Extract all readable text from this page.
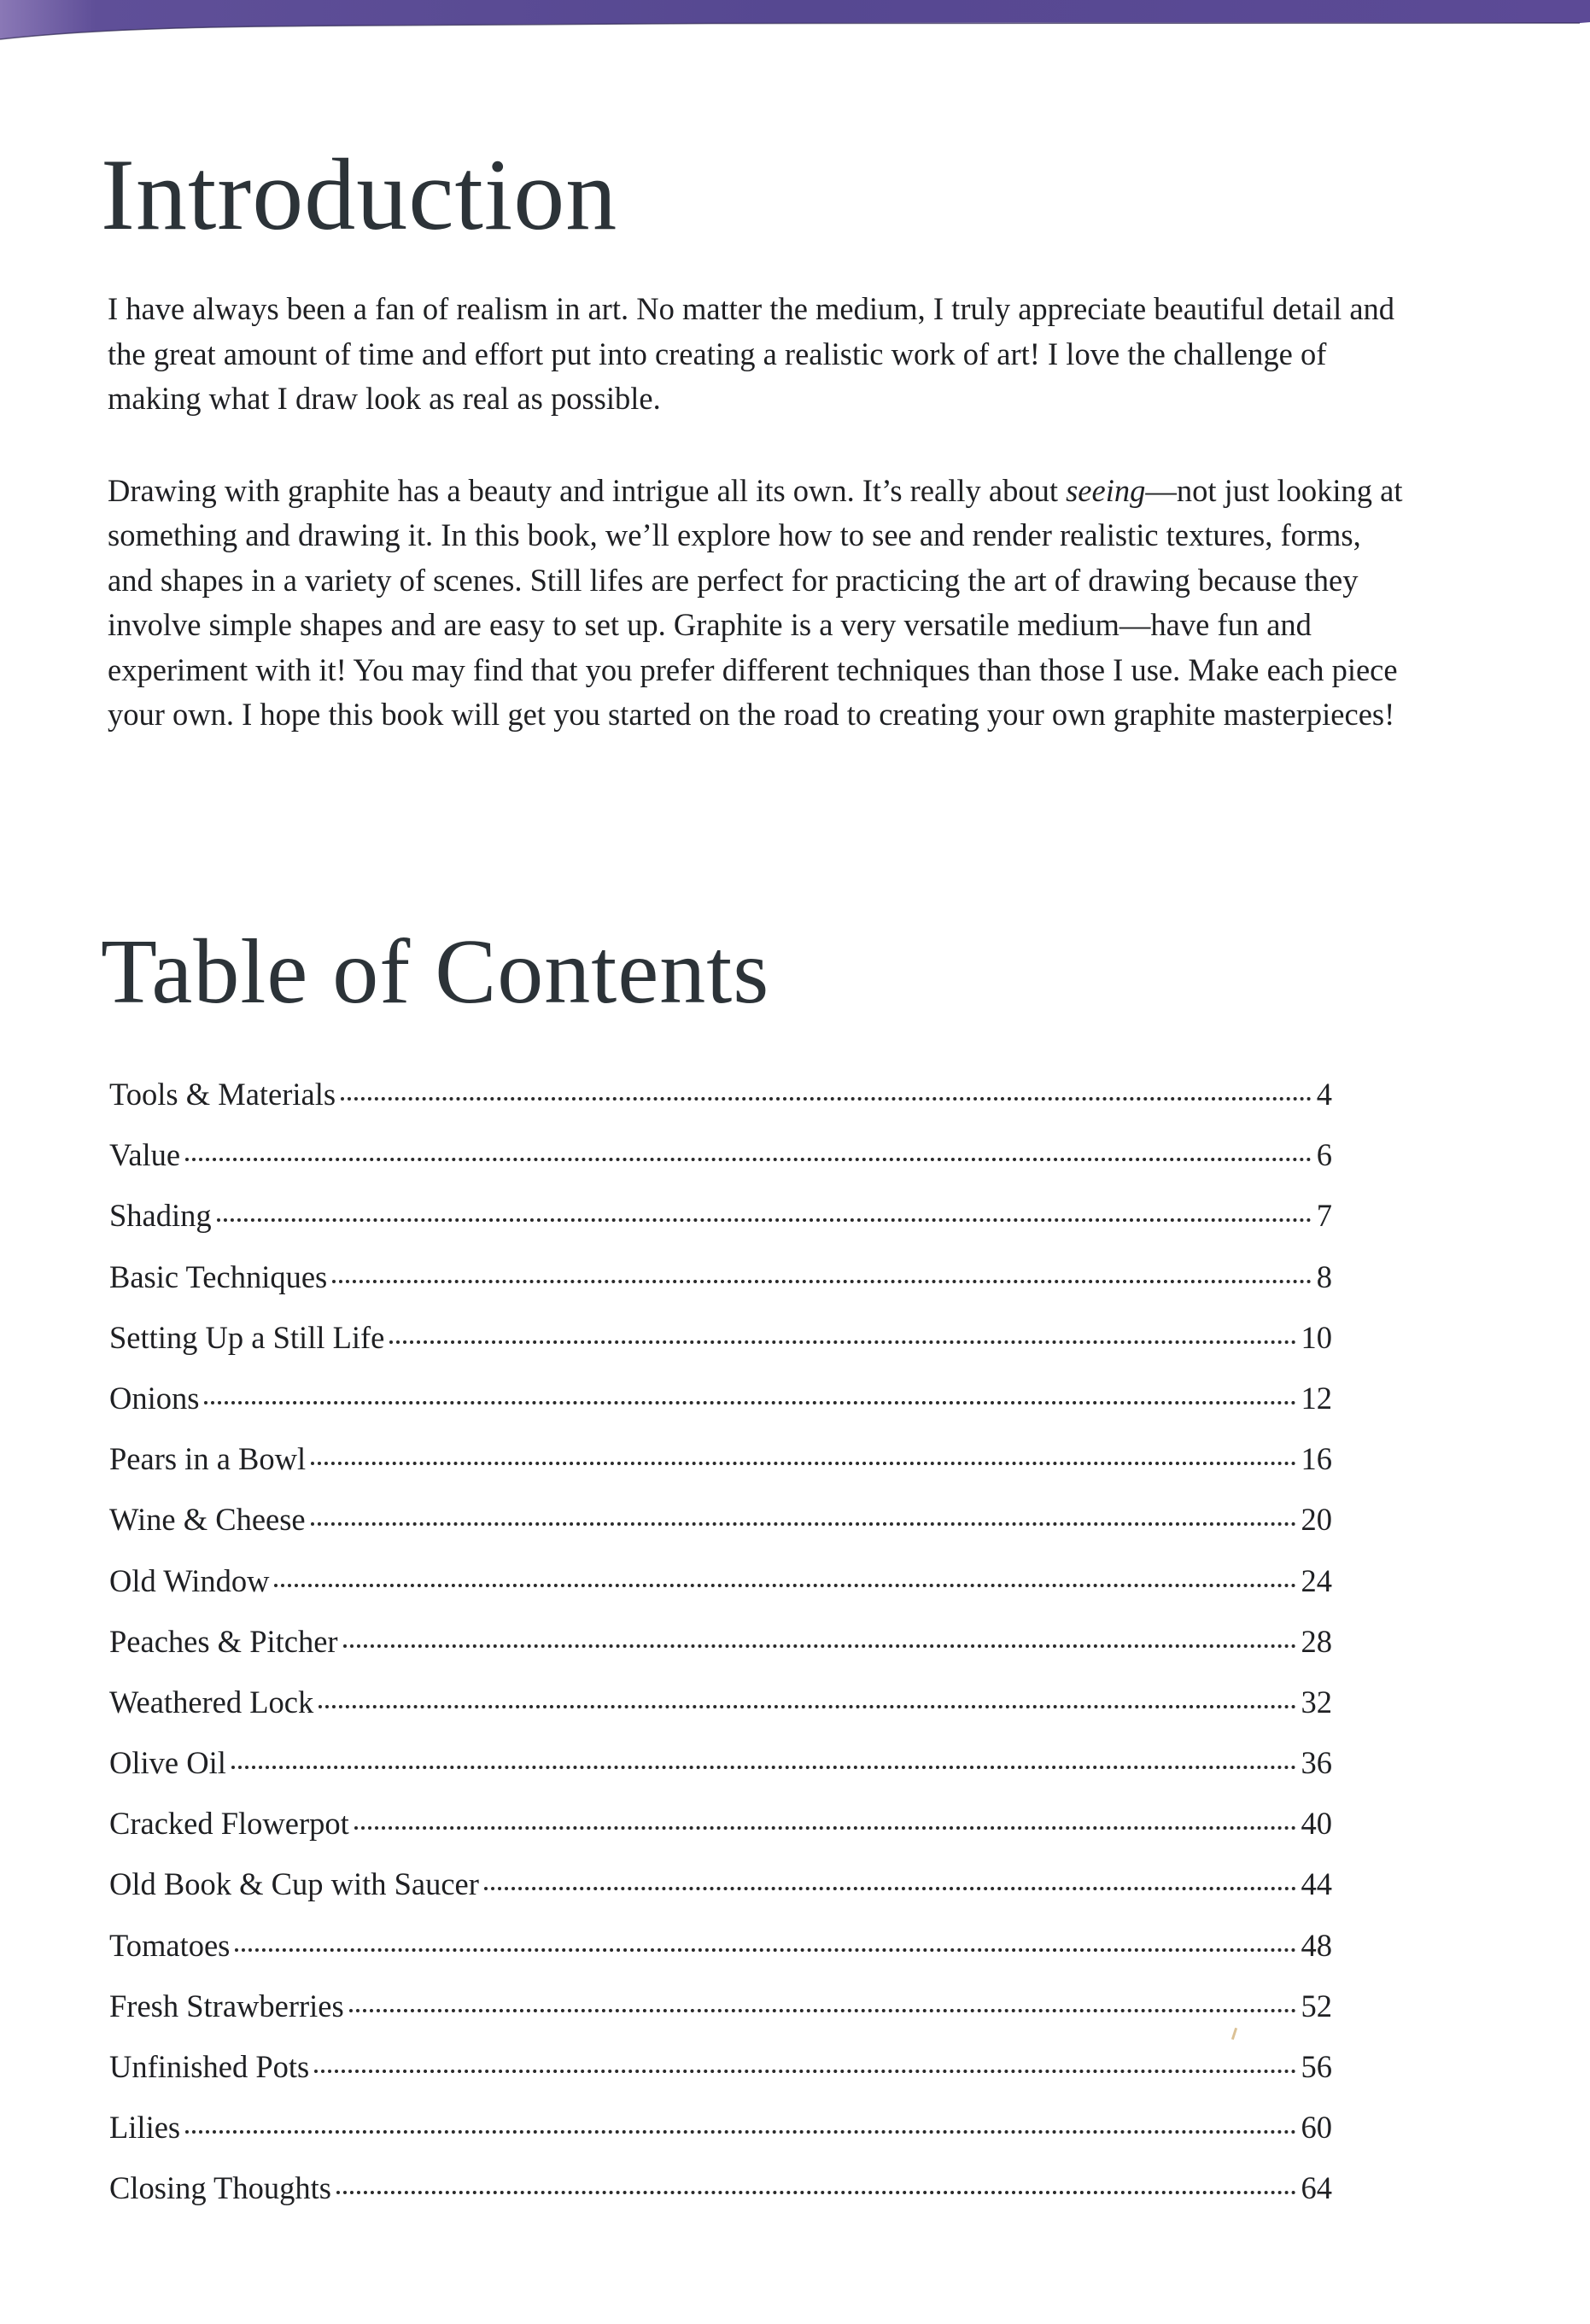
Introduction

I have always been a fan of realism in art. No matter the medium, I truly appreciate beautiful detail and the great amount of time and effort put into creating a realistic work of art! I love the challenge of making what I draw look as real as possible.

Drawing with graphite has a beauty and intrigue all its own. It’s really about seeing—not just looking at something and drawing it. In this book, we’ll explore how to see and render realistic textures, forms, and shapes in a variety of scenes. Still lifes are perfect for practicing the art of drawing because they involve simple shapes and are easy to set up. Graphite is a very versatile medium—have fun and experiment with it! You may find that you prefer different techniques than those I use. Make each piece your own. I hope this book will get you started on the road to creating your own graphite masterpieces!

Table of Contents
Tools & Materials	4
Value	6
Shading	7
Basic Techniques	8
Setting Up a Still Life	10
Onions	12
Pears in a Bowl	16
Wine & Cheese	20
Old Window	24
Peaches & Pitcher	28
Weathered Lock	32
Olive Oil	36
Cracked Flowerpot	40
Old Book & Cup with Saucer	44
Tomatoes	48
Fresh Strawberries	52
Unfinished Pots	56
Lilies	60
Closing Thoughts	64
